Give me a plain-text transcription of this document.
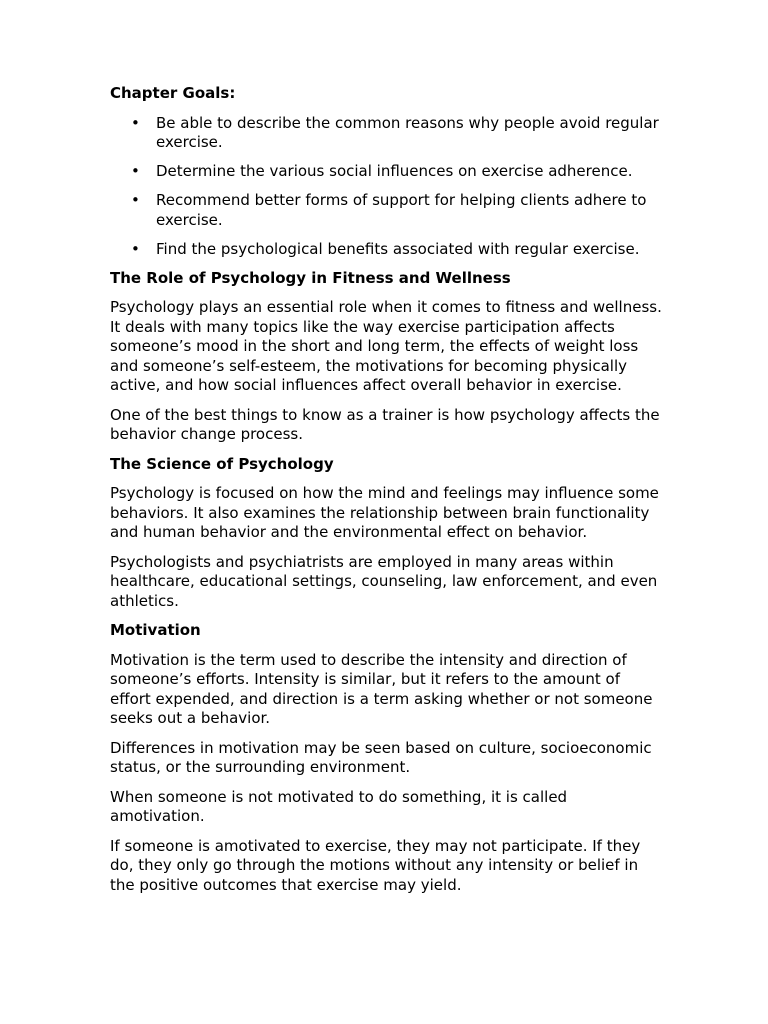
Chapter Goals:
• Be able to describe the common reasons why people avoid regular exercise.
• Determine the various social influences on exercise adherence.
• Recommend better forms of support for helping clients adhere to exercise.
• Find the psychological benefits associated with regular exercise.
The Role of Psychology in Fitness and Wellness

Psychology plays an essential role when it comes to fitness and wellness. It deals with many topics like the way exercise participation affects someone’s mood in the short and long term, the effects of weight loss and someone’s self-esteem, the motivations for becoming physically active, and how social influences affect overall behavior in exercise.

One of the best things to know as a trainer is how psychology affects the behavior change process.

The Science of Psychology

Psychology is focused on how the mind and feelings may influence some behaviors. It also examines the relationship between brain functionality and human behavior and the environmental effect on behavior.

Psychologists and psychiatrists are employed in many areas within healthcare, educational settings, counseling, law enforcement, and even athletics.

Motivation

Motivation is the term used to describe the intensity and direction of someone’s efforts. Intensity is similar, but it refers to the amount of effort expended, and direction is a term asking whether or not someone seeks out a behavior.

Differences in motivation may be seen based on culture, socioeconomic status, or the surrounding environment.

When someone is not motivated to do something, it is called amotivation.

If someone is amotivated to exercise, they may not participate. If they do, they only go through the motions without any intensity or belief in the positive outcomes that exercise may yield.
